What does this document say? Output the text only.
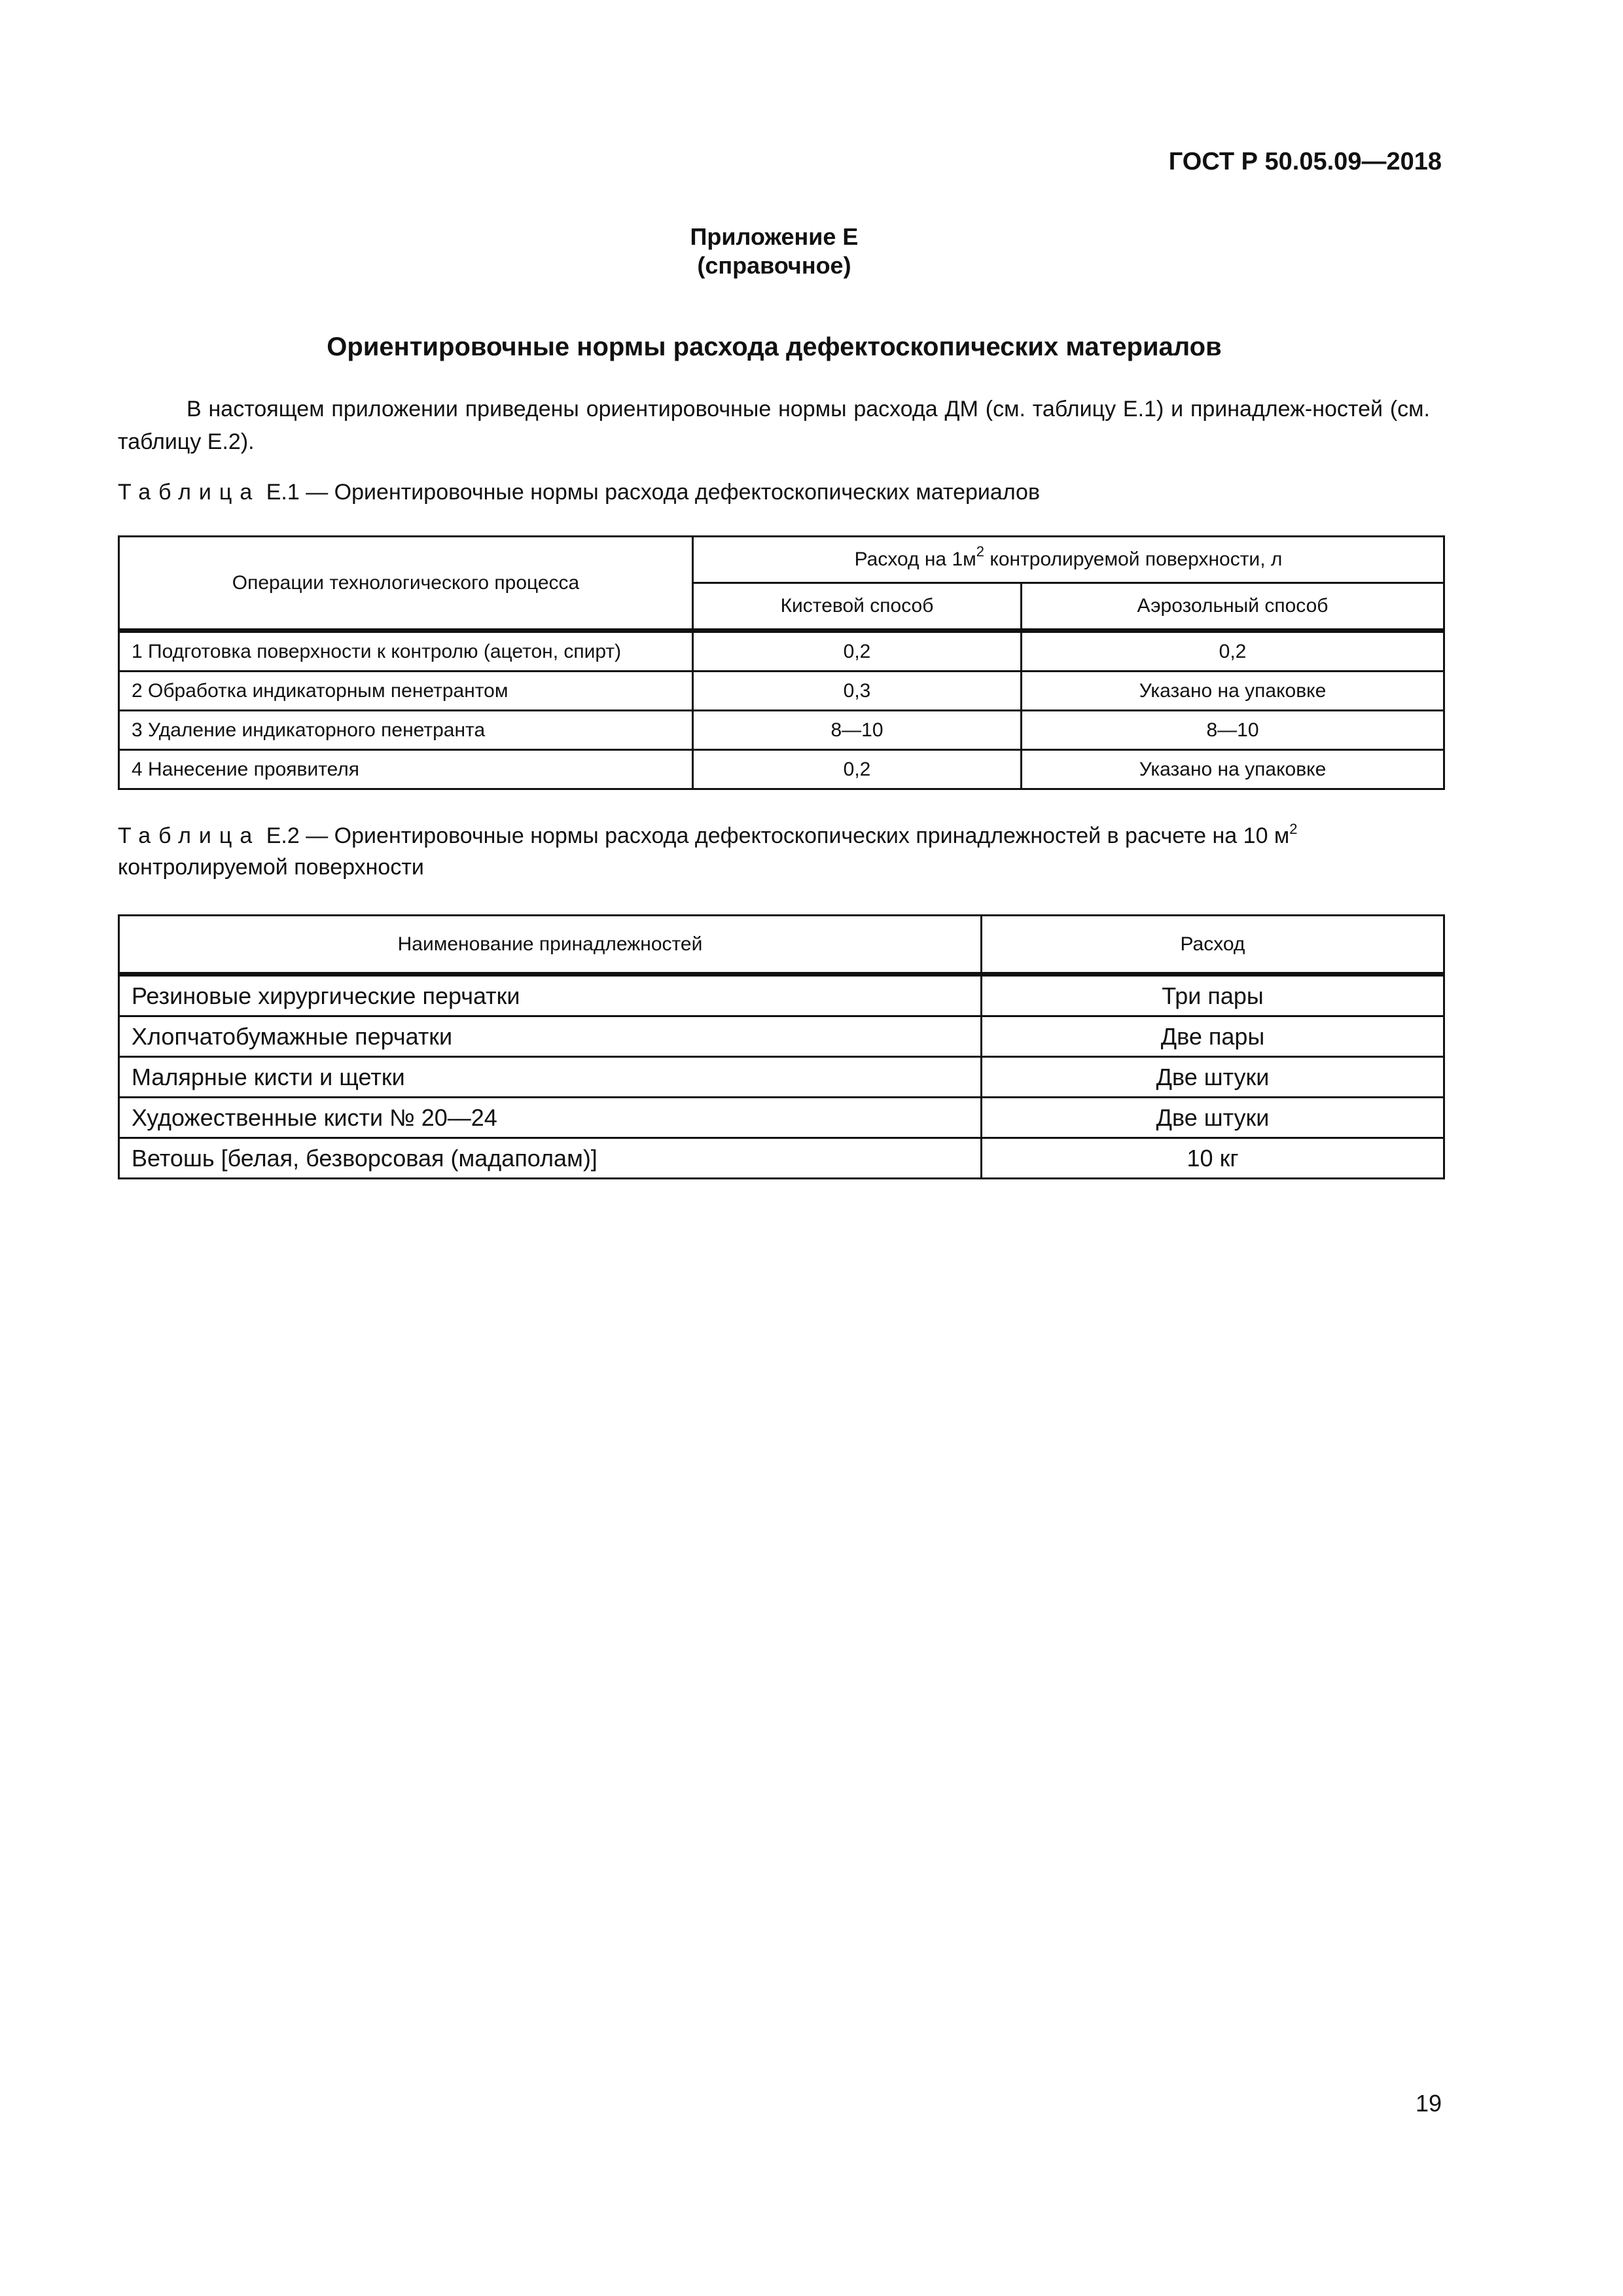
ГОСТ Р 50.05.09—2018
Приложение Е
(справочное)
Ориентировочные нормы расхода дефектоскопических материалов
В настоящем приложении приведены ориентировочные нормы расхода ДМ (см. таблицу Е.1) и принадлеж-ностей (см. таблицу Е.2).
Таблица Е.1 — Ориентировочные нормы расхода дефектоскопических материалов
Операции технологического процесса	Расход на $1м^2$ контролируемой поверхности, л	
	Кистевой способ	Аэрозольный способ
1 Подготовка поверхности к контролю (ацетон, спирт)	0,2	0,2
2 Обработка индикаторным пенетрантом	0,3	Указано на упаковке
3 Удаление индикаторного пенетранта	8—10	8—10
4 Нанесение проявителя	0,2	Указано на упаковке
Таблица Е.2 — Ориентировочные нормы расхода дефектоскопических принадлежностей в расчете на 10 $м^2$
контролируемой поверхности
Наименование принадлежностей	Расход
Резиновые хирургические перчатки	Три пары
Хлопчатобумажные перчатки	Две пары
Малярные кисти и щетки	Две штуки
Художественные кисти № 20—24	Две штуки
Ветошь [белая, безворсовая (мадаполам)]	10 кг
19
